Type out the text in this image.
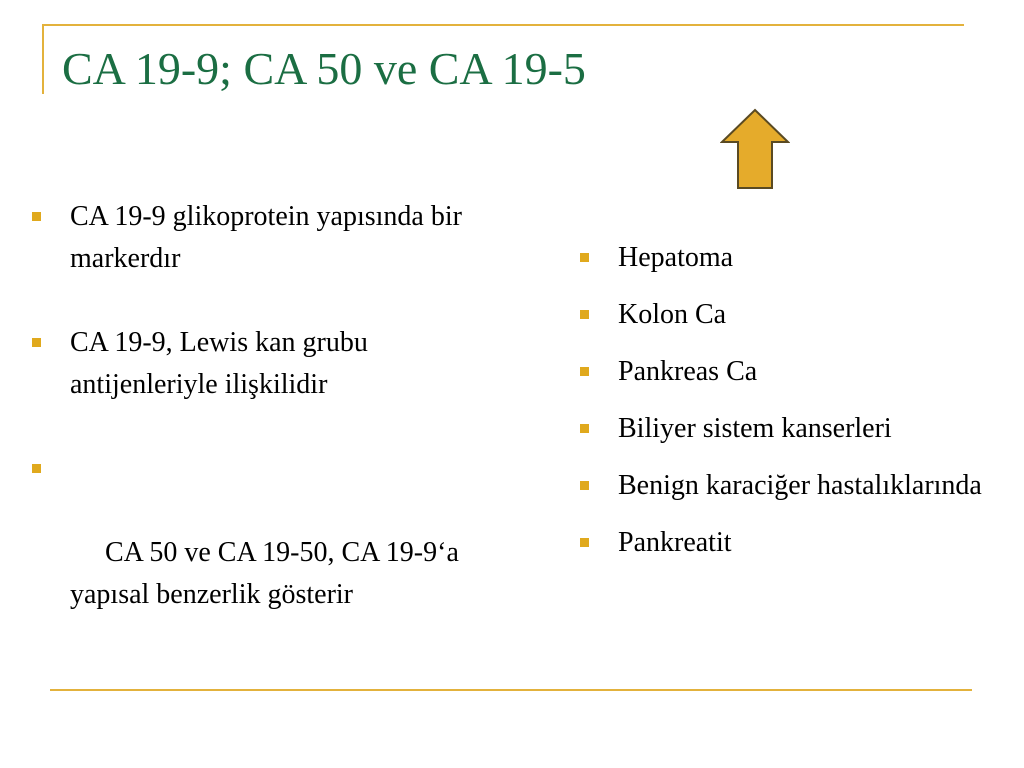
CA 19-9; CA 50 ve CA 19-5
CA 19-9 glikoprotein yapısında bir markerdır
CA 19-9, Lewis kan grubu antijenleriyle ilişkilidir

CA 50 ve CA 19-50, CA 19-9‘a yapısal benzerlik gösterir

Hepatoma
Kolon Ca
Pankreas Ca
Biliyer sistem kanserleri
Benign karaciğer hastalıklarında
Pankreatit
